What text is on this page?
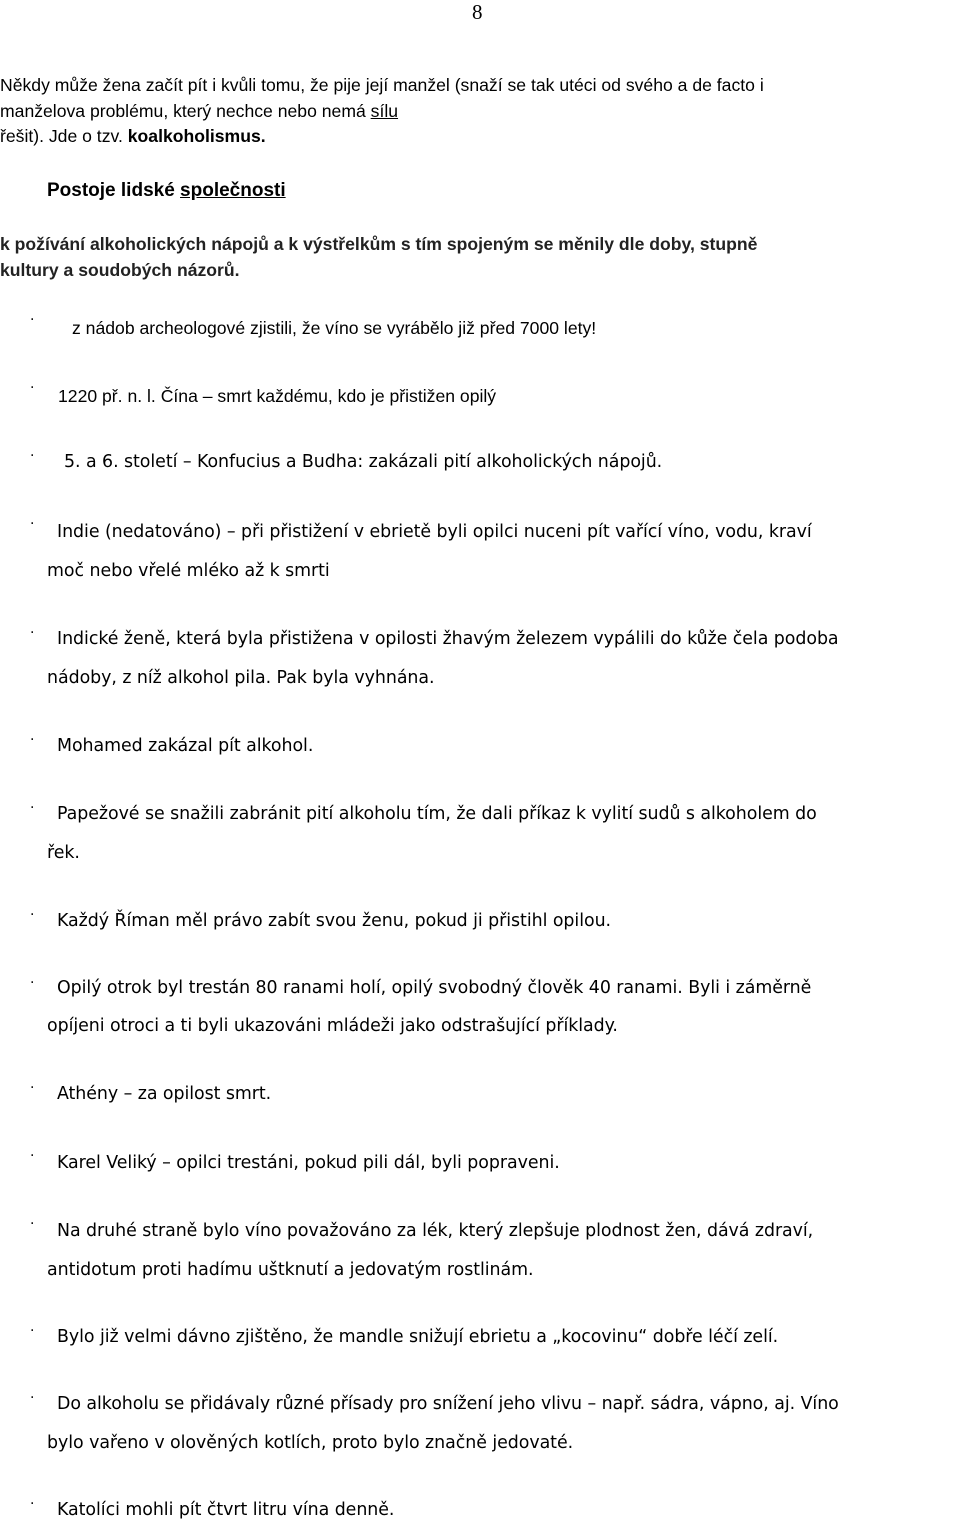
8
Někdy může žena začít pít i kvůli tomu, že pije její manžel (snaží se tak utéci od svého a de facto i
manželova problému, který nechce nebo nemá sílu
řešit). Jde o tzv. koalkoholismus.
Postoje lidské společnosti
k požívání alkoholických nápojů a k výstřelkům s tím spojeným se měnily dle doby, stupně
kultury a soudobých názorů.
· z nádob archeologové zjistili, že víno se vyrábělo již před 7000 lety!
· 1220 př. n. l. Čína – smrt každému, kdo je přistižen opilý
· 5. a 6. století – Konfucius a Budha: zakázali pití alkoholických nápojů.
· Indie (nedatováno) – při přistižení v ebrietě byli opilci nuceni pít vařící víno, vodu, kraví
moč nebo vřelé mléko až k smrti
· Indické ženě, která byla přistižena v opilosti žhavým železem vypálili do kůže čela podoba
nádoby, z níž alkohol pila. Pak byla vyhnána.
· Mohamed zakázal pít alkohol.
· Papežové se snažili zabránit pití alkoholu tím, že dali příkaz k vylití sudů s alkoholem do
řek.
· Každý Říman měl právo zabít svou ženu, pokud ji přistihl opilou.
· Opilý otrok byl trestán 80 ranami holí, opilý svobodný člověk 40 ranami. Byli i záměrně
opíjeni otroci a ti byli ukazováni mládeži jako odstrašující příklady.
· Athény – za opilost smrt.
· Karel Veliký – opilci trestáni, pokud pili dál, byli popraveni.
· Na druhé straně bylo víno považováno za lék, který zlepšuje plodnost žen, dává zdraví,
antidotum proti hadímu uštknutí a jedovatým rostlinám.
· Bylo již velmi dávno zjištěno, že mandle snižují ebrietu a „kocovinu“ dobře léčí zelí.
· Do alkoholu se přidávaly různé přísady pro snížení jeho vlivu – např. sádra, vápno, aj. Víno
bylo vařeno v olověných kotlích, proto bylo značně jedovaté.
· Katolíci mohli pít čtvrt litru vína denně.
